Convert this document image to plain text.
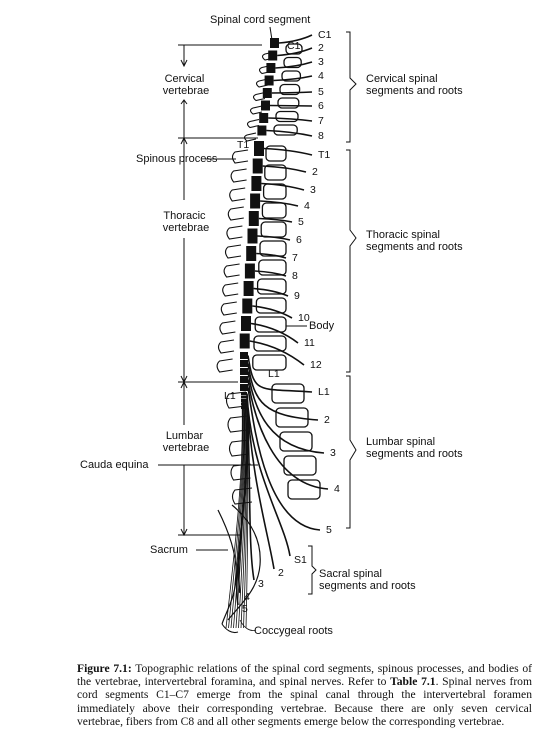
Spinal cord segment
Cervical vertebrae
Spinous process
Thoracic vertebrae
Lumbar vertebrae
Cauda equina
Sacrum
Body
Coccygeal roots
Cervical spinal segments and roots
Thoracic spinal segments and roots
Lumbar spinal segments and roots
Sacral spinal segments and roots
C1
T1
L1
L1
C1
2
3
4
5
6
7
8
T1
2
3
4
5
6
7
8
9
10
11
12
L1
2
3
4
5
S1
2
3
4
5
Figure 7.1: Topographic relations of the spinal cord segments, spinous processes, and bodies of the vertebrae, intervertebral foramina, and spinal nerves. Refer to Table 7.1. Spinal nerves from cord segments C1–C7 emerge from the spinal canal through the intervertebral foramen immediately above their corresponding vertebrae. Because there are only seven cervical vertebrae, fibers from C8 and all other segments emerge below the corresponding vertebrae.
